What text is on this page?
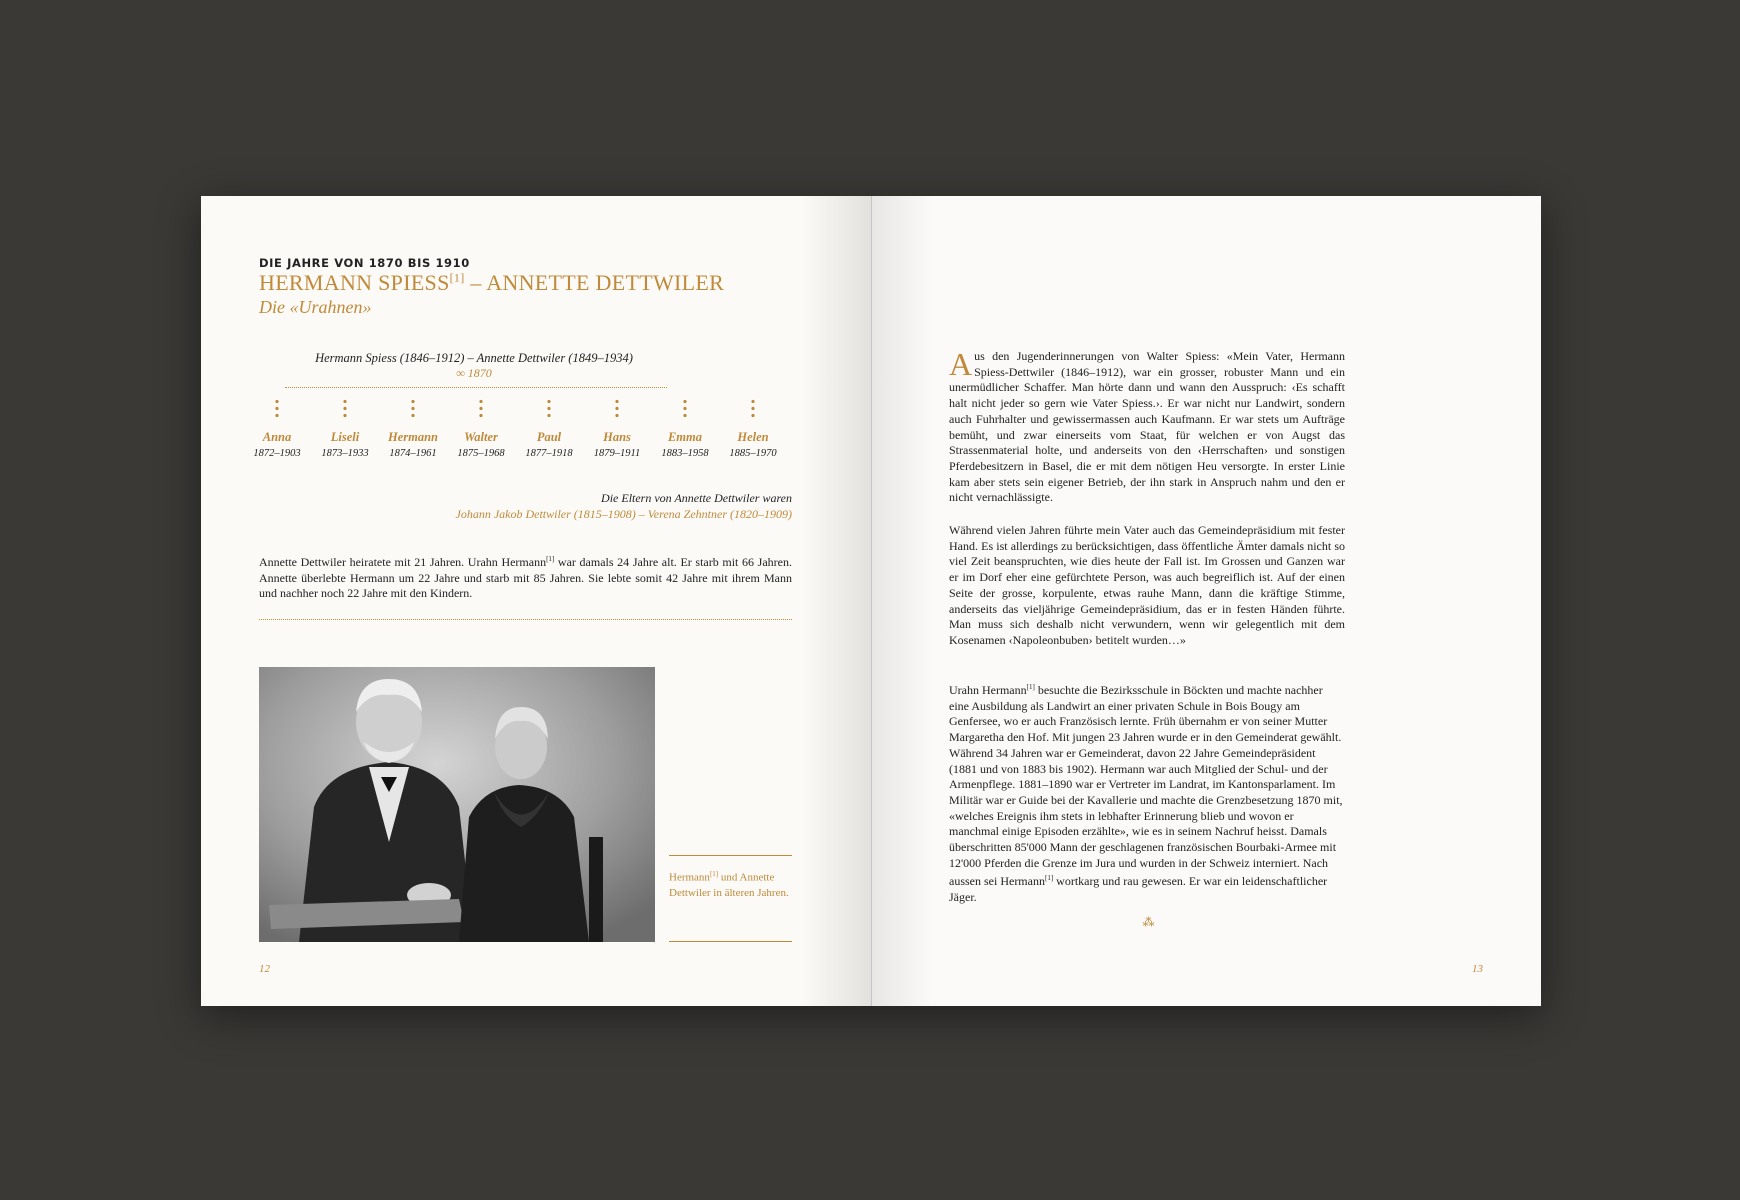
DIE JAHRE VON 1870 BIS 1910
HERMANN SPIESS[1] – ANNETTE DETTWILER
Die «Urahnen»
Hermann Spiess (1846–1912) – Annette Dettwiler (1849–1934)
∞ 1870
Anna
1872–1903
Liseli
1873–1933
Hermann
1874–1961
Walter
1875–1968
Paul
1877–1918
Hans
1879–1911
Emma
1883–1958
Helen
1885–1970
Die Eltern von Annette Dettwiler waren
Johann Jakob Dettwiler (1815–1908) – Verena Zehntner (1820–1909)
Annette Dettwiler heiratete mit 21 Jahren. Urahn Hermann[1] war damals 24 Jahre alt. Er starb mit 66 Jahren. Annette überlebte Hermann um 22 Jahre und starb mit 85 Jahren. Sie lebte somit 42 Jahre mit ihrem Mann und nachher noch 22 Jahre mit den Kindern.
Hermann[1] und Annette Dettwiler in älteren Jahren.
12

Aus den Jugenderinnerungen von Walter Spiess: «Mein Vater, Hermann Spiess-Dettwiler (1846–1912), war ein grosser, robuster Mann und ein unermüdlicher Schaffer. Man hörte dann und wann den Ausspruch: ‹Es schafft halt nicht jeder so gern wie Vater Spiess.›. Er war nicht nur Landwirt, sondern auch Fuhrhalter und gewissermassen auch Kaufmann. Er war stets um Aufträge bemüht, und zwar einerseits vom Staat, für welchen er von Augst das Strassenmaterial holte, und anderseits von den ‹Herrschaften› und sonstigen Pferdebesitzern in Basel, die er mit dem nötigen Heu versorgte. In erster Linie kam aber stets sein eigener Betrieb, der ihn stark in Anspruch nahm und den er nicht vernachlässigte.

Während vielen Jahren führte mein Vater auch das Gemeindepräsidium mit fester Hand. Es ist allerdings zu berücksichtigen, dass öffentliche Ämter damals nicht so viel Zeit beanspruchten, wie dies heute der Fall ist. Im Grossen und Ganzen war er im Dorf eher eine gefürchtete Person, was auch begreiflich ist. Auf der einen Seite der grosse, korpulente, etwas rauhe Mann, dann die kräftige Stimme, anderseits das vieljährige Gemeindepräsidium, das er in festen Händen führte. Man muss sich deshalb nicht verwundern, wenn wir gelegentlich mit dem Kosenamen ‹Napoleonbuben› betitelt wurden…»

Urahn Hermann[1] besuchte die Bezirksschule in Böckten und machte nachher eine Ausbildung als Landwirt an einer privaten Schule in Bois Bougy am Genfersee, wo er auch Französisch lernte. Früh übernahm er von seiner Mutter Margaretha den Hof. Mit jungen 23 Jahren wurde er in den Gemeinderat gewählt. Während 34 Jahren war er Gemeinderat, davon 22 Jahre Gemeindepräsident (1881 und von 1883 bis 1902). Hermann war auch Mitglied der Schul- und der Armenpflege. 1881–1890 war er Vertreter im Landrat, im Kantonsparlament. Im Militär war er Guide bei der Kavallerie und machte die Grenzbesetzung 1870 mit, «welches Ereignis ihm stets in lebhafter Erinnerung blieb und wovon er manchmal einige Episoden erzählte», wie es in seinem Nachruf heisst. Damals überschritten 85'000 Mann der geschlagenen französischen Bourbaki-Armee mit 12'000 Pferden die Grenze im Jura und wurden in der Schweiz interniert. Nach aussen sei Hermann[1] wortkarg und rau gewesen. Er war ein leidenschaftlicher Jäger.

⁂
13
